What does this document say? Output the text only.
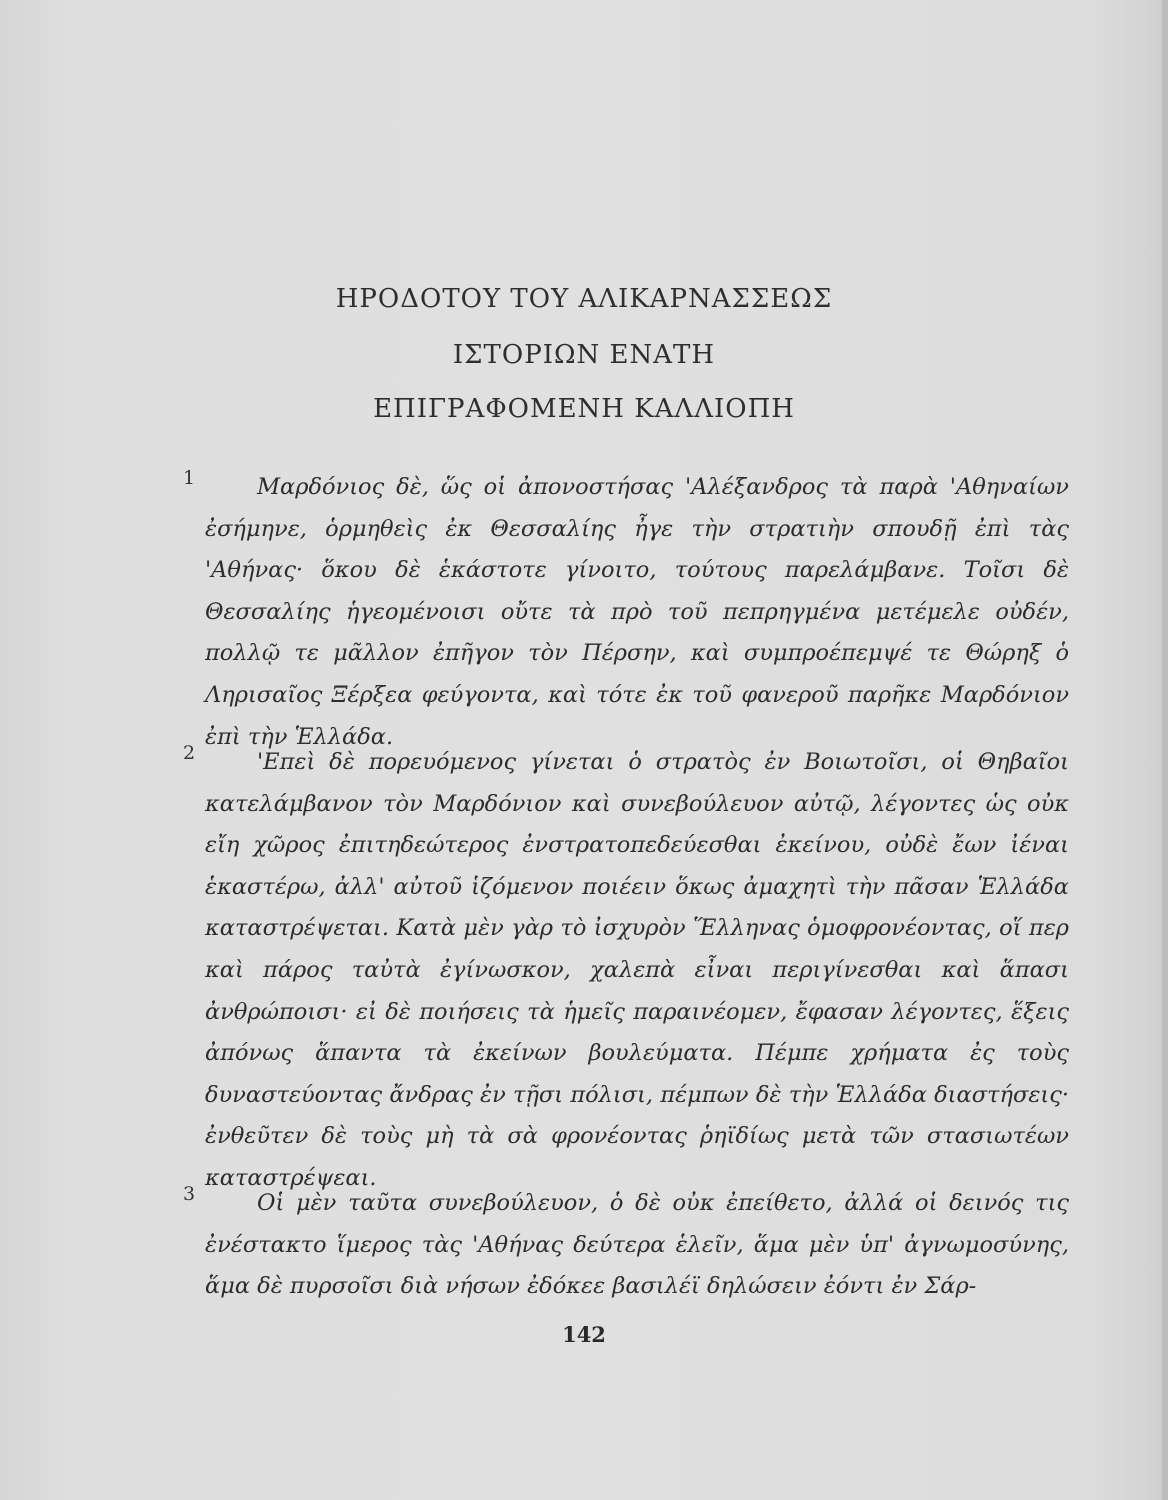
ΗΡΟΔΟΤΟΥ ΤΟΥ ΑΛΙΚΑΡΝΑΣΣΕΩΣ
ΙΣΤΟΡΙΩΝ ΕΝΑΤΗ
ΕΠΙΓΡΑΦΟΜΕΝΗ ΚΑΛΛΙΟΠΗ
1	Μαρδόνιος δὲ, ὥς οἱ ἀπονοστήσας 'Αλέξανδρος τὰ παρὰ 'Αθηναίων ἐσήμηνε, ὁρμηθεὶς ἐκ Θεσσαλίης ἦγε τὴν στρατιὴν σπουδῇ ἐπὶ τὰς 'Αθήνας· ὅκου δὲ ἑκάστοτε γίνοιτο, τούτους παρελάμβανε. Τοῖσι δὲ Θεσσαλίης ἡγεομένοισι οὔτε τὰ πρὸ τοῦ πεπρηγμένα μετέμελε οὐδέν, πολλῷ τε μᾶλλον ἐπῆγον τὸν Πέρσην, καὶ συμπροέπεμψέ τε Θώρηξ ὁ Ληρισαῖος Ξέρξεα φεύγοντα, καὶ τότε ἐκ τοῦ φανεροῦ παρῆκε Μαρδόνιον ἐπὶ τὴν Ἑλλάδα.

2	'Επεὶ δὲ πορευόμενος γίνεται ὁ στρατὸς ἐν Βοιωτοῖσι, οἱ Θηβαῖοι κατελάμβανον τὸν Μαρδόνιον καὶ συνεβούλευον αὐτῷ, λέγοντες ὡς οὐκ εἴη χῶρος ἐπιτηδεώτερος ἐνστρατοπεδεύεσθαι ἐκείνου, οὐδὲ ἔων ἰέναι ἑκαστέρω, ἀλλ' αὐτοῦ ἱζόμενον ποιέειν ὅκως ἀμαχητὶ τὴν πᾶσαν Ἑλλάδα καταστρέψεται. Κατὰ μὲν γὰρ τὸ ἰσχυρὸν Ἕλληνας ὁμοφρονέοντας, οἵ περ καὶ πάρος ταὐτὰ ἐγίνωσκον, χαλεπὰ εἶναι περιγίνεσθαι καὶ ἅπασι ἀνθρώποισι· εἰ δὲ ποιήσεις τὰ ἡμεῖς παραινέομεν, ἔφασαν λέγοντες, ἕξεις ἀπόνως ἅπαντα τὰ ἐκείνων βουλεύματα. Πέμπε χρήματα ἐς τοὺς δυναστεύοντας ἄνδρας ἐν τῇσι πόλισι, πέμπων δὲ τὴν Ἑλλάδα διαστήσεις· ἐνθεῦτεν δὲ τοὺς μὴ τὰ σὰ φρονέοντας ῥηϊδίως μετὰ τῶν στασιωτέων καταστρέψεαι.

3	Οἱ μὲν ταῦτα συνεβούλευον, ὁ δὲ οὐκ ἐπείθετο, ἀλλά οἱ δεινός τις ἐνέστακτο ἵμερος τὰς 'Αθήνας δεύτερα ἑλεῖν, ἅμα μὲν ὑπ' ἀγνωμοσύνης, ἅμα δὲ πυρσοῖσι διὰ νήσων ἐδόκεε βασιλέϊ δηλώσειν ἐόντι ἐν Σάρ-

142
